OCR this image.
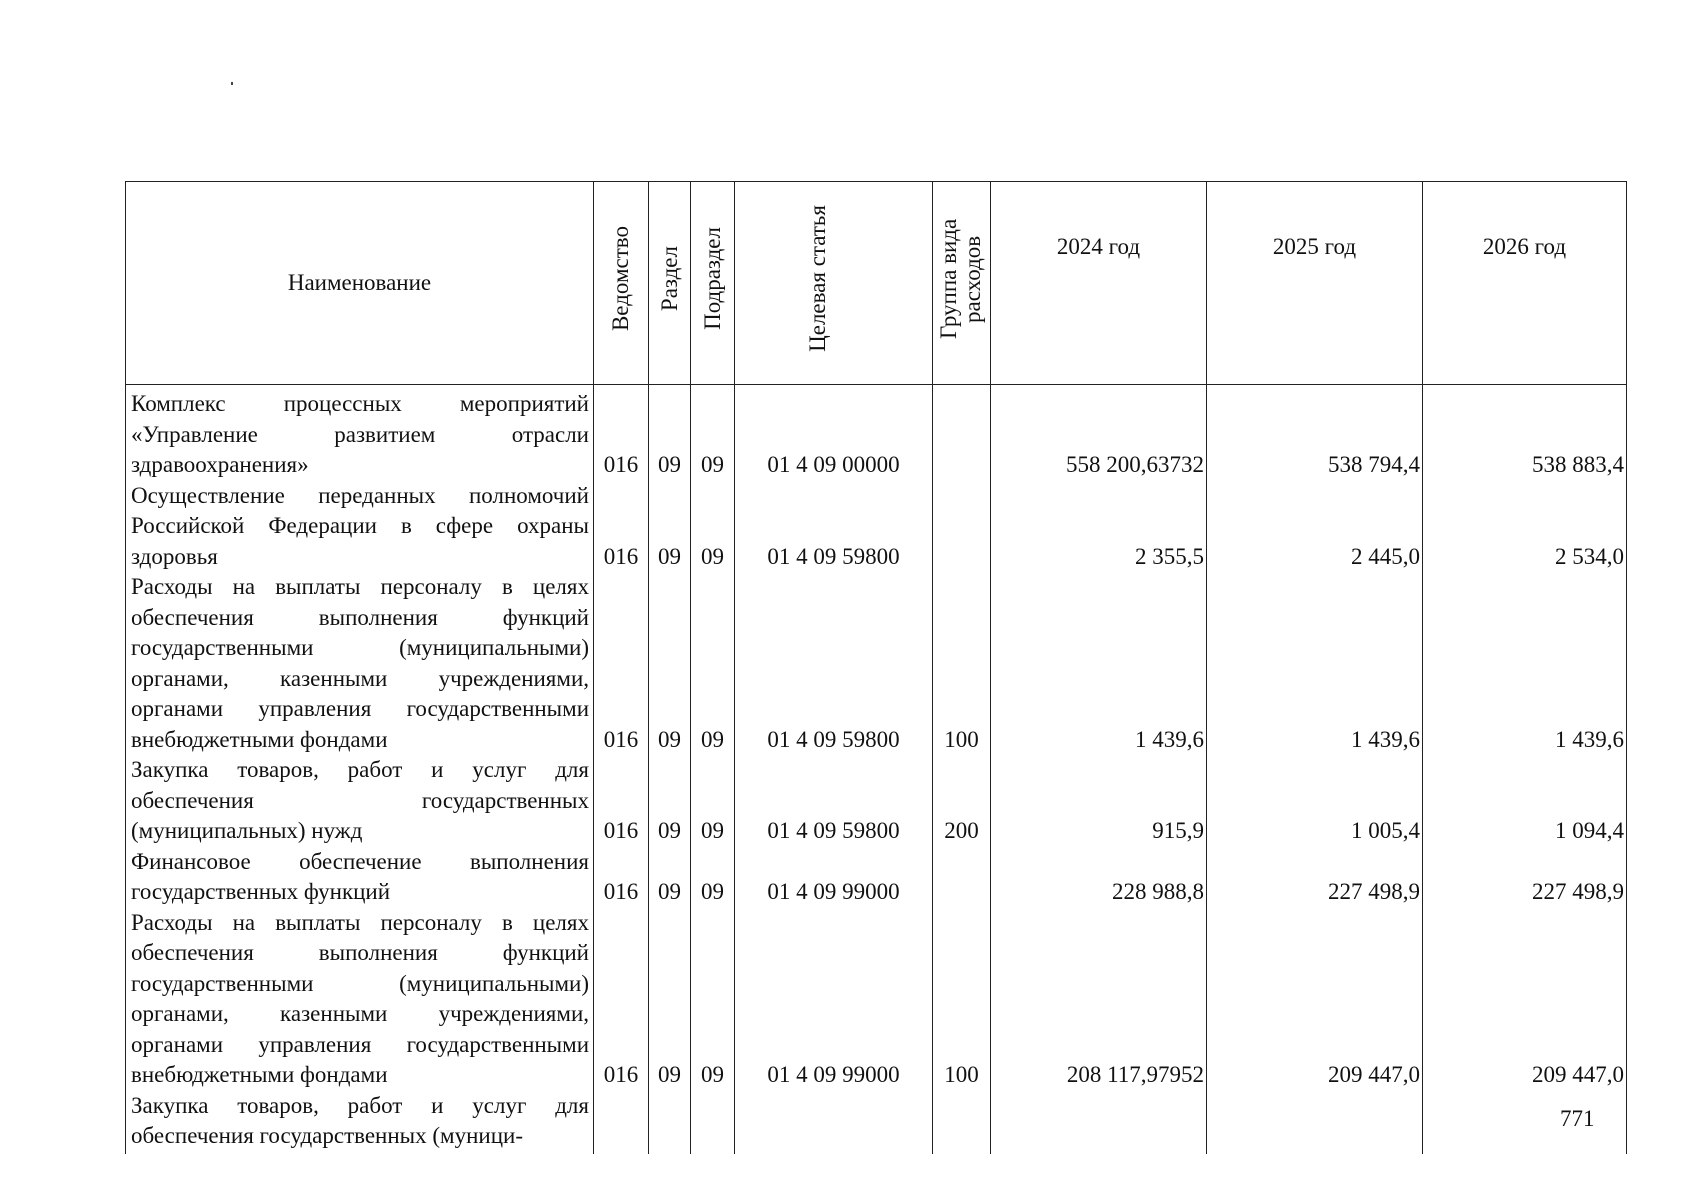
Наименование	Ведомство	Раздел	Подраздел	Целевая статья	Группа вида расходов	2024 год	2025 год	2026 год

Комплекс процессных мероприятий «Управление развитием отрасли здравоохранения»	016	09	09	01 4 09 00000		558 200,63732	538 794,4	538 883,4
Осуществление переданных полномочий Российской Федерации в сфере охраны здоровья	016	09	09	01 4 09 59800		2 355,5	2 445,0	2 534,0
Расходы на выплаты персоналу в целях обеспечения выполнения функций государственными (муниципальными) органами, казенными учреждениями, органами управления государственными внебюджетными фондами	016	09	09	01 4 09 59800	100	1 439,6	1 439,6	1 439,6
Закупка товаров, работ и услуг для обеспечения государственных (муниципальных) нужд	016	09	09	01 4 09 59800	200	915,9	1 005,4	1 094,4
Финансовое обеспечение выполнения государственных функций	016	09	09	01 4 09 99000		228 988,8	227 498,9	227 498,9
Расходы на выплаты персоналу в целях обеспечения выполнения функций государственными (муниципальными) органами, казенными учреждениями, органами управления государственными внебюджетными фондами	016	09	09	01 4 09 99000	100	208 117,97952	209 447,0	209 447,0
Закупка товаров, работ и услуг для обеспечения государственных (муници-								
771
